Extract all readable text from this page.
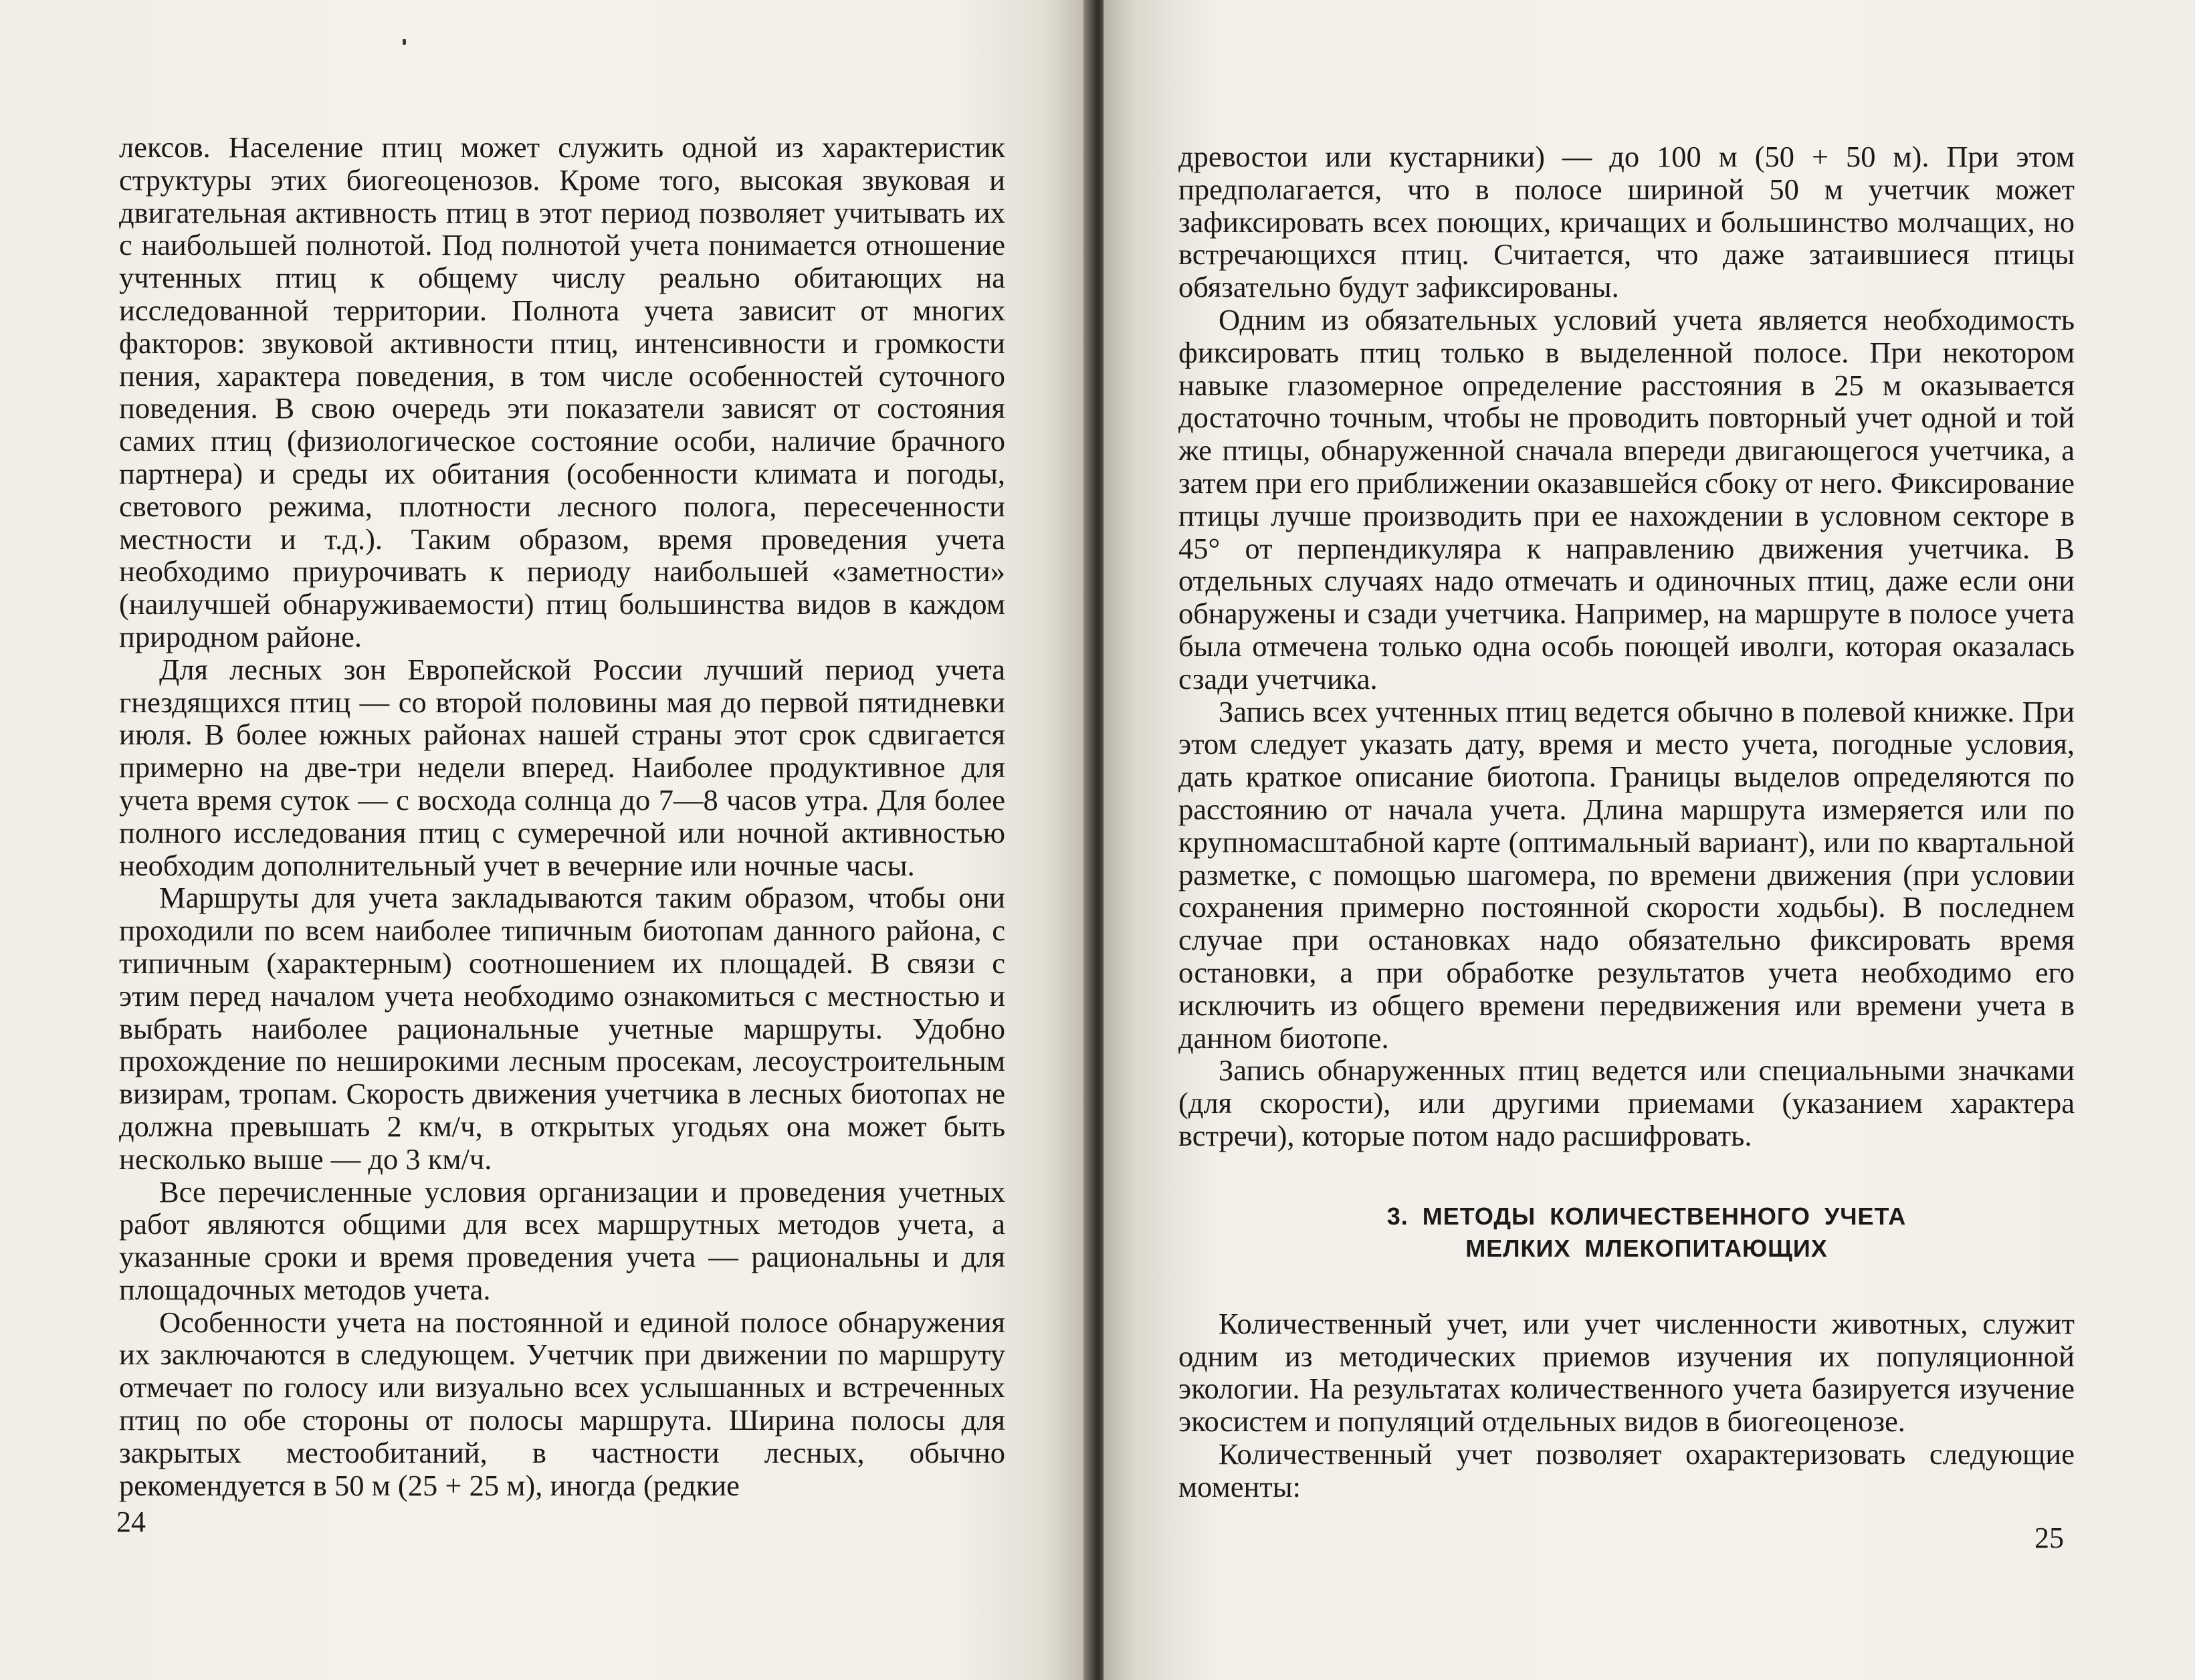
лексов. Население птиц может служить одной из характеристик структуры этих биогеоценозов. Кроме того, высокая звуковая и двигательная активность птиц в этот период позволяет учитывать их с наибольшей полнотой. Под полнотой учета понимается отношение учтенных птиц к общему числу реально обитающих на исследованной территории. Полнота учета зависит от многих факторов: звуковой активности птиц, интенсивности и громкости пения, характера поведения, в том числе особенностей суточного поведения. В свою очередь эти показатели зависят от состояния самих птиц (физиологическое состояние особи, наличие брачного партнера) и среды их обитания (особенности климата и погоды, светового режима, плотности лесного полога, пересеченности местности и т.д.). Таким образом, время проведения учета необходимо приурочивать к периоду наибольшей «заметности» (наилучшей обнаруживаемости) птиц большинства видов в каждом природном районе.

Для лесных зон Европейской России лучший период учета гнездящихся птиц — со второй половины мая до первой пятидневки июля. В более южных районах нашей страны этот срок сдвигается примерно на две-три недели вперед. Наиболее продуктивное для учета время суток — с восхода солнца до 7—8 часов утра. Для более полного исследования птиц с сумеречной или ночной активностью необходим дополнительный учет в вечерние или ночные часы.

Маршруты для учета закладываются таким образом, чтобы они проходили по всем наиболее типичным биотопам данного района, с типичным (характерным) соотношением их площадей. В связи с этим перед началом учета необходимо ознакомиться с местностью и выбрать наиболее рациональные учетные маршруты. Удобно прохождение по неширокими лесным просекам, лесоустроительным визирам, тропам. Скорость движения учетчика в лесных биотопах не должна превышать 2 км/ч, в открытых угодьях она может быть несколько выше — до 3 км/ч.

Все перечисленные условия организации и проведения учетных работ являются общими для всех маршрутных методов учета, а указанные сроки и время проведения учета — рациональны и для площадочных методов учета.

Особенности учета на постоянной и единой полосе обнаружения их заключаются в следующем. Учетчик при движении по маршруту отмечает по голосу или визуально всех услышанных и встреченных птиц по обе стороны от полосы маршрута. Ширина полосы для закрытых местообитаний, в частности лесных, обычно рекомендуется в 50 м (25 + 25 м), иногда (редкие

24

древостои или кустарники) — до 100 м (50 + 50 м). При этом предполагается, что в полосе шириной 50 м учетчик может зафиксировать всех поющих, кричащих и большинство молчащих, но встречающихся птиц. Считается, что даже затаившиеся птицы обязательно будут зафиксированы.

Одним из обязательных условий учета является необходимость фиксировать птиц только в выделенной полосе. При некотором навыке глазомерное определение расстояния в 25 м оказывается достаточно точным, чтобы не проводить повторный учет одной и той же птицы, обнаруженной сначала впереди двигающегося учетчика, а затем при его приближении оказавшейся сбоку от него. Фиксирование птицы лучше производить при ее нахождении в условном секторе в 45° от перпендикуляра к направлению движения учетчика. В отдельных случаях надо отмечать и одиночных птиц, даже если они обнаружены и сзади учетчика. Например, на маршруте в полосе учета была отмечена только одна особь поющей иволги, которая оказалась сзади учетчика.

Запись всех учтенных птиц ведется обычно в полевой книжке. При этом следует указать дату, время и место учета, погодные условия, дать краткое описание биотопа. Границы выделов определяются по расстоянию от начала учета. Длина маршрута измеряется или по крупномасштабной карте (оптимальный вариант), или по квартальной разметке, с помощью шагомера, по времени движения (при условии сохранения примерно постоянной скорости ходьбы). В последнем случае при остановках надо обязательно фиксировать время остановки, а при обработке результатов учета необходимо его исключить из общего времени передвижения или времени учета в данном биотопе.

Запись обнаруженных птиц ведется или специальными значками (для скорости), или другими приемами (указанием характера встречи), которые потом надо расшифровать.

3. МЕТОДЫ КОЛИЧЕСТВЕННОГО УЧЕТА
МЕЛКИХ МЛЕКОПИТАЮЩИХ

Количественный учет, или учет численности животных, служит одним из методических приемов изучения их популяционной экологии. На результатах количественного учета базируется изучение экосистем и популяций отдельных видов в биогеоценозе.

Количественный учет позволяет охарактеризовать следующие моменты:

25
